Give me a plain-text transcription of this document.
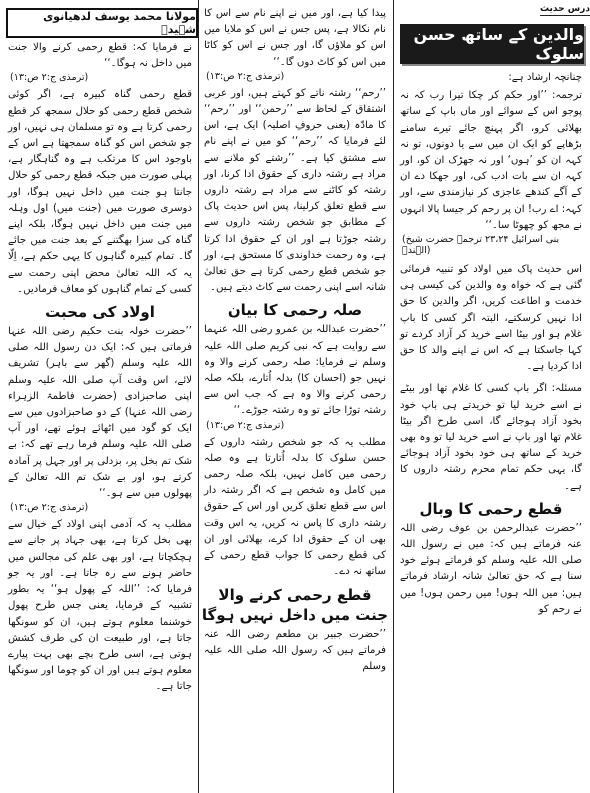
درس حدیث
والدین کے ساتھ حسن سلوک
مولانا محمد یوسف لدھیانوی شہیدؒ
چنانچہ ارشاد ہے:
ترجمہ: ’’اور حکم کر چکا تیرا رب کہ نہ پوجو اس کے سوائے اور ماں باپ کے ساتھ بھلائی کرو، اگر پہنچ جائے تیرے سامنے بڑھاپے کو ایک ان میں سے یا دونوں، تو نہ کہہ ان کو ’ہوں‘ اور نہ جھڑک ان کو، اور کہہ ان سے بات ادب کی، اور جھکا دے ان کے آگے کندھے عاجزی کر نیازمندی سے، اور کہہ: اے رب! ان پر رحم کر جیسا پالا انہوں نے مجھ کو چھوٹا سا۔‘‘
(بنی اسرائیل ۲۳،۲۴ ترجمہ حضرت شیخ الہندؒ)
اس حدیث پاک میں اولاد کو تنبیہ فرمائی گئی ہے کہ خواہ وہ والدین کی کیسی ہی خدمت و اطاعت کریں، اگر والدین کا حق ادا نہیں کرسکتے، البتہ اگر کسی کا باپ غلام ہو اور بیٹا اسے خرید کر آزاد کردے تو کہا جاسکتا ہے کہ اس نے اپنے والد کا حق ادا کردیا ہے۔
مسئلہ: اگر باپ کسی کا غلام تھا اور بیٹے نے اسے خرید لیا تو خریدتے ہی باپ خود بخود آزاد ہوجائے گا، اسی طرح اگر بیٹا غلام تھا اور باپ نے اسے خرید لیا تو وہ بھی خرید کے ساتھ ہی خود بخود آزاد ہوجائے گا، یہی حکم تمام محرم رشتہ داروں کا ہے۔
قطع رحمی کا وبال
’’حضرت عبدالرحمن بن عوف رضی اللہ عنہ فرماتے ہیں کہ: میں نے رسول اللہ صلی اللہ علیہ وسلم کو فرماتے ہوئے خود سنا ہے کہ حق تعالیٰ شانہ ارشاد فرماتے ہیں: میں اللہ ہوں! میں رحمن ہوں! میں نے رحم کو
پیدا کیا ہے، اور میں نے اپنے نام سے اس کا نام نکالا ہے، پس جس نے اس کو ملایا میں اس کو ملاؤں گا، اور جس نے اس کو کاٹا میں اس کو کاٹ دوں گا۔‘‘
(ترمذی ج:۲ ص:۱۳)
’’رحم‘‘ رشتہ ناتے کو کہتے ہیں، اور عربی اشتقاق کے لحاظ سے ’’رحمن‘‘ اور ’’رحم‘‘ کا مادّہ (یعنی حروفِ اصلیہ) ایک ہے، اس لئے فرمایا کہ ’’رحم‘‘ کو میں نے اپنے نام سے مشتق کیا ہے۔ ’’رشتے کو ملانے سے مراد ہے رشتہ داری کے حقوق ادا کرنا، اور رشتہ کو کاٹنے سے مراد ہے رشتہ داروں سے قطع تعلق کرلینا، پس اس حدیث پاک کے مطابق جو شخص رشتہ داروں سے رشتہ جوڑتا ہے اور ان کے حقوق ادا کرتا ہے، وہ رحمت خداوندی کا مستحق ہے، اور جو شخص قطع رحمی کرتا ہے حق تعالیٰ شانہ اسے اپنی رحمت سے کاٹ دیتے ہیں۔
صلہ رحمی کا بیان
’’حضرت عبداللہ بن عمرو رضی اللہ عنہما سے روایت ہے کہ نبی کریم صلی اللہ علیہ وسلم نے فرمایا: صلہ رحمی کرنے والا وہ نہیں جو (احسان کا) بدلہ اُتارے، بلکہ صلہ رحمی کرنے والا وہ ہے کہ جب اس سے رشتہ توڑا جائے تو وہ رشتہ جوڑے۔‘‘
(ترمذی ج:۲ ص:۱۳)
مطلب یہ کہ جو شخص رشتہ داروں کے حسن سلوک کا بدلہ اُتارتا ہے وہ صلہ رحمی میں کامل نہیں، بلکہ صلہ رحمی میں کامل وہ شخص ہے کہ اگر رشتہ دار اس سے قطع تعلق کریں اور اس کے حقوق رشتہ داری کا پاس نہ کریں، یہ اس وقت بھی ان کے حقوق ادا کرے، بھلائی اور ان کی قطع رحمی کا جواب قطع رحمی کے ساتھ نہ دے۔
قطع رحمی کرنے والا جنت میں داخل نہیں ہوگا
’’حضرت جبیر بن مطعم رضی اللہ عنہ فرماتے ہیں کہ رسول اللہ صلی اللہ علیہ وسلم
نے فرمایا کہ: قطع رحمی کرنے والا جنت میں داخل نہ ہوگا۔‘‘
(ترمذی ج:۲ ص:۱۳)
قطع رحمی گناہ کبیرہ ہے، اگر کوئی شخص قطع رحمی کو حلال سمجھ کر قطع رحمی کرتا ہے وہ تو مسلمان ہی نہیں، اور جو شخص اس کو گناہ سمجھتا ہے اس کے باوجود اس کا مرتکب ہے وہ گناہگار ہے، پہلی صورت میں جبکہ قطع رحمی کو حلال جانتا ہو جنت میں داخل نہیں ہوگا، اور دوسری صورت میں (جنت میں) اول وہلہ میں جنت میں داخل نہیں ہوگا، بلکہ اپنے گناہ کی سزا بھگتنے کے بعد جنت میں جائے گا۔ تمام کبیرہ گناہوں کا یہی حکم ہے، اِلّا یہ کہ اللہ تعالیٰ محض اپنی رحمت سے کسی کے تمام گناہوں کو معاف فرمادیں۔
اولاد کی محبت
’’حضرت خولہ بنت حکیم رضی اللہ عنہا فرماتی ہیں کہ: ایک دن رسول اللہ صلی اللہ علیہ وسلم (گھر سے باہر) تشریف لائے، اس وقت آپ صلی اللہ علیہ وسلم اپنی صاحبزادی (حضرت فاطمۃ الزہراء رضی اللہ عنہا) کے دو صاحبزادوں میں سے ایک کو گود میں اٹھائے ہوئے تھے، اور آپ صلی اللہ علیہ وسلم فرما رہے تھے کہ: بے شک تم بخل پر، بزدلی پر اور جہل پر آمادہ کرتے ہو، اور بے شک تم اللہ تعالیٰ کے پھولوں میں سے ہو۔‘‘
(ترمذی ج:۲ ص:۱۳)
مطلب یہ کہ آدمی اپنی اولاد کے خیال سے بھی بخل کرتا ہے، بھی جہاد پر جانے سے ہچکچاتا ہے، اور بھی علم کی مجالس میں حاضر ہونے سے رہ جاتا ہے۔ اور یہ جو فرمایا کہ: ’’اللہ کے پھول ہو‘‘ یہ بطور تشبیہ کے فرمایا، یعنی جس طرح پھول خوشنما معلوم ہوتے ہیں، ان کو سونگھا جاتا ہے، اور طبیعت ان کی طرف کشش ہوتی ہے، اسی طرح بچے بھی بہت پیارے معلوم ہوتے ہیں اور ان کو چوما اور سونگھا جاتا ہے۔
